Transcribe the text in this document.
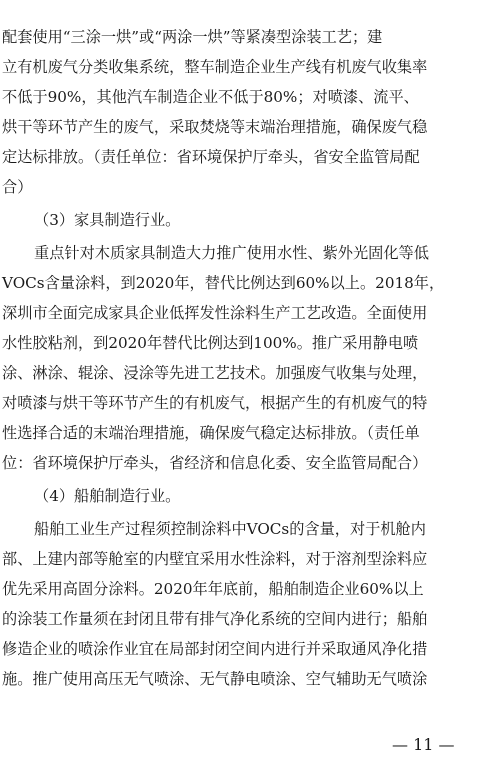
配套使用“三涂一烘”或“两涂一烘”等紧凑型涂装工艺；建
立有机废气分类收集系统，整车制造企业生产线有机废气收集率
不低于90%，其他汽车制造企业不低于80%；对喷漆、流平、
烘干等环节产生的废气，采取焚烧等末端治理措施，确保废气稳
定达标排放。（责任单位：省环境保护厅牵头，省安全监管局配
合）
（3）家具制造行业。
重点针对木质家具制造大力推广使用水性、紫外光固化等低
VOCs含量涂料，到2020年，替代比例达到60%以上。2018年，
深圳市全面完成家具企业低挥发性涂料生产工艺改造。全面使用
水性胶粘剂，到2020年替代比例达到100%。推广采用静电喷
涂、淋涂、辊涂、浸涂等先进工艺技术。加强废气收集与处理，
对喷漆与烘干等环节产生的有机废气，根据产生的有机废气的特
性选择合适的末端治理措施，确保废气稳定达标排放。（责任单
位：省环境保护厅牵头，省经济和信息化委、安全监管局配合）
（4）船舶制造行业。
船舶工业生产过程须控制涂料中VOCs的含量，对于机舱内
部、上建内部等舱室的内壁宜采用水性涂料，对于溶剂型涂料应
优先采用高固分涂料。2020年年底前，船舶制造企业60%以上
的涂装工作量须在封闭且带有排气净化系统的空间内进行；船舶
修造企业的喷涂作业宜在局部封闭空间内进行并采取通风净化措
施。推广使用高压无气喷涂、无气静电喷涂、空气辅助无气喷涂
— 11 —
